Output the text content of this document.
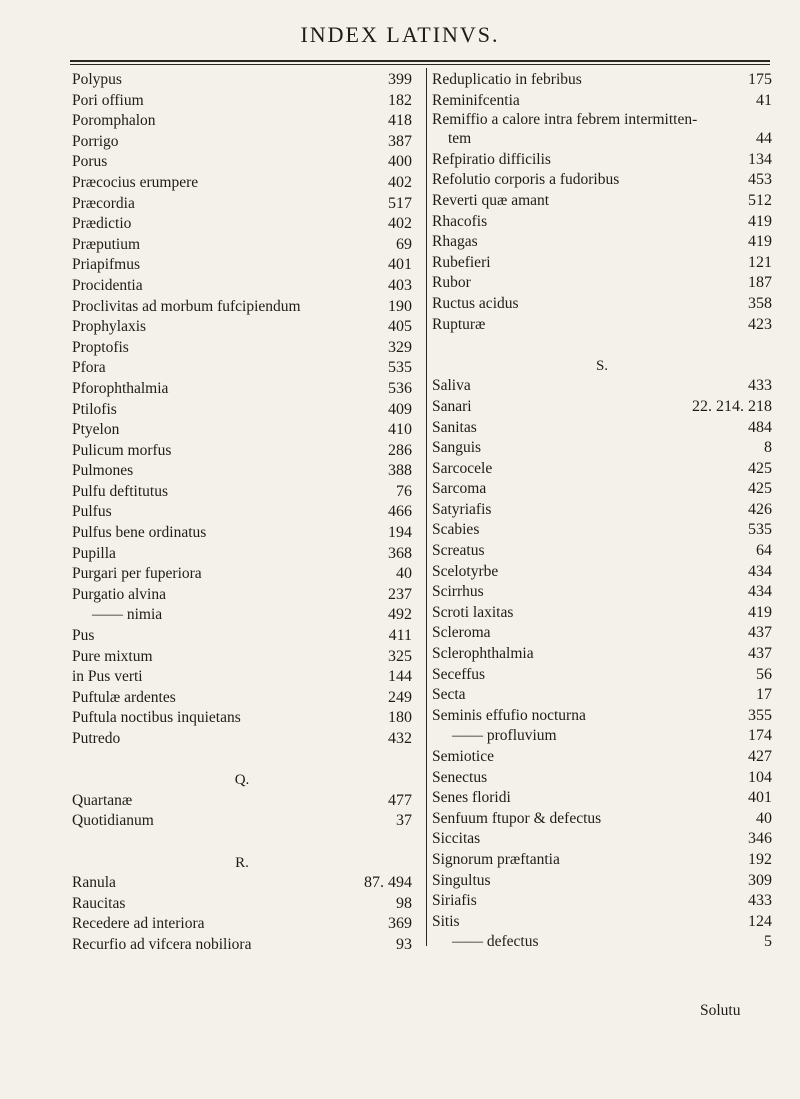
INDEX LATINVS.
Polypus	399
Pori offium	182
Poromphalon	418
Porrigo	387
Porus	400
Præcocius erumpere	402
Præcordia	517
Prædictio	402
Præputium	69
Priapifmus	401
Procidentia	403
Proclivitas ad morbum fufcipiendum	190
Prophylaxis	405
Proptofis	329
Pfora	535
Pforophthalmia	536
Ptilofis	409
Ptyelon	410
Pulicum morfus	286
Pulmones	388
Pulfu deftitutus	76
Pulfus	466
Pulfus bene ordinatus	194
Pupilla	368
Purgari per fuperiora	40
Purgatio alvina	237
—— nimia	492
Pus	411
Pure mixtum	325
in Pus verti	144
Puftulæ ardentes	249
Puftula noctibus inquietans	180
Putredo	432
Q.
Quartanæ	477
Quotidianum	37
R.
Ranula	87. 494
Raucitas	98
Recedere ad interiora	369
Recurfio ad vifcera nobiliora	93
Reduplicatio in febribus	175
Reminifcentia	41
Remiffio a calore intra febrem intermitten-
tem	44
Refpiratio difficilis	134
Refolutio corporis a fudoribus	453
Reverti quæ amant	512
Rhacofis	419
Rhagas	419
Rubefieri	121
Rubor	187
Ructus acidus	358
Rupturæ	423
S.
Saliva	433
Sanari	22. 214. 218
Sanitas	484
Sanguis	8
Sarcocele	425
Sarcoma	425
Satyriafis	426
Scabies	535
Screatus	64
Scelotyrbe	434
Scirrhus	434
Scroti laxitas	419
Scleroma	437
Sclerophthalmia	437
Seceffus	56
Secta	17
Seminis effufio nocturna	355
—— profluvium	174
Semiotice	427
Senectus	104
Senes floridi	401
Senfuum ftupor & defectus	40
Siccitas	346
Signorum præftantia	192
Singultus	309
Siriafis	433
Sitis	124
—— defectus	5
Solutu
